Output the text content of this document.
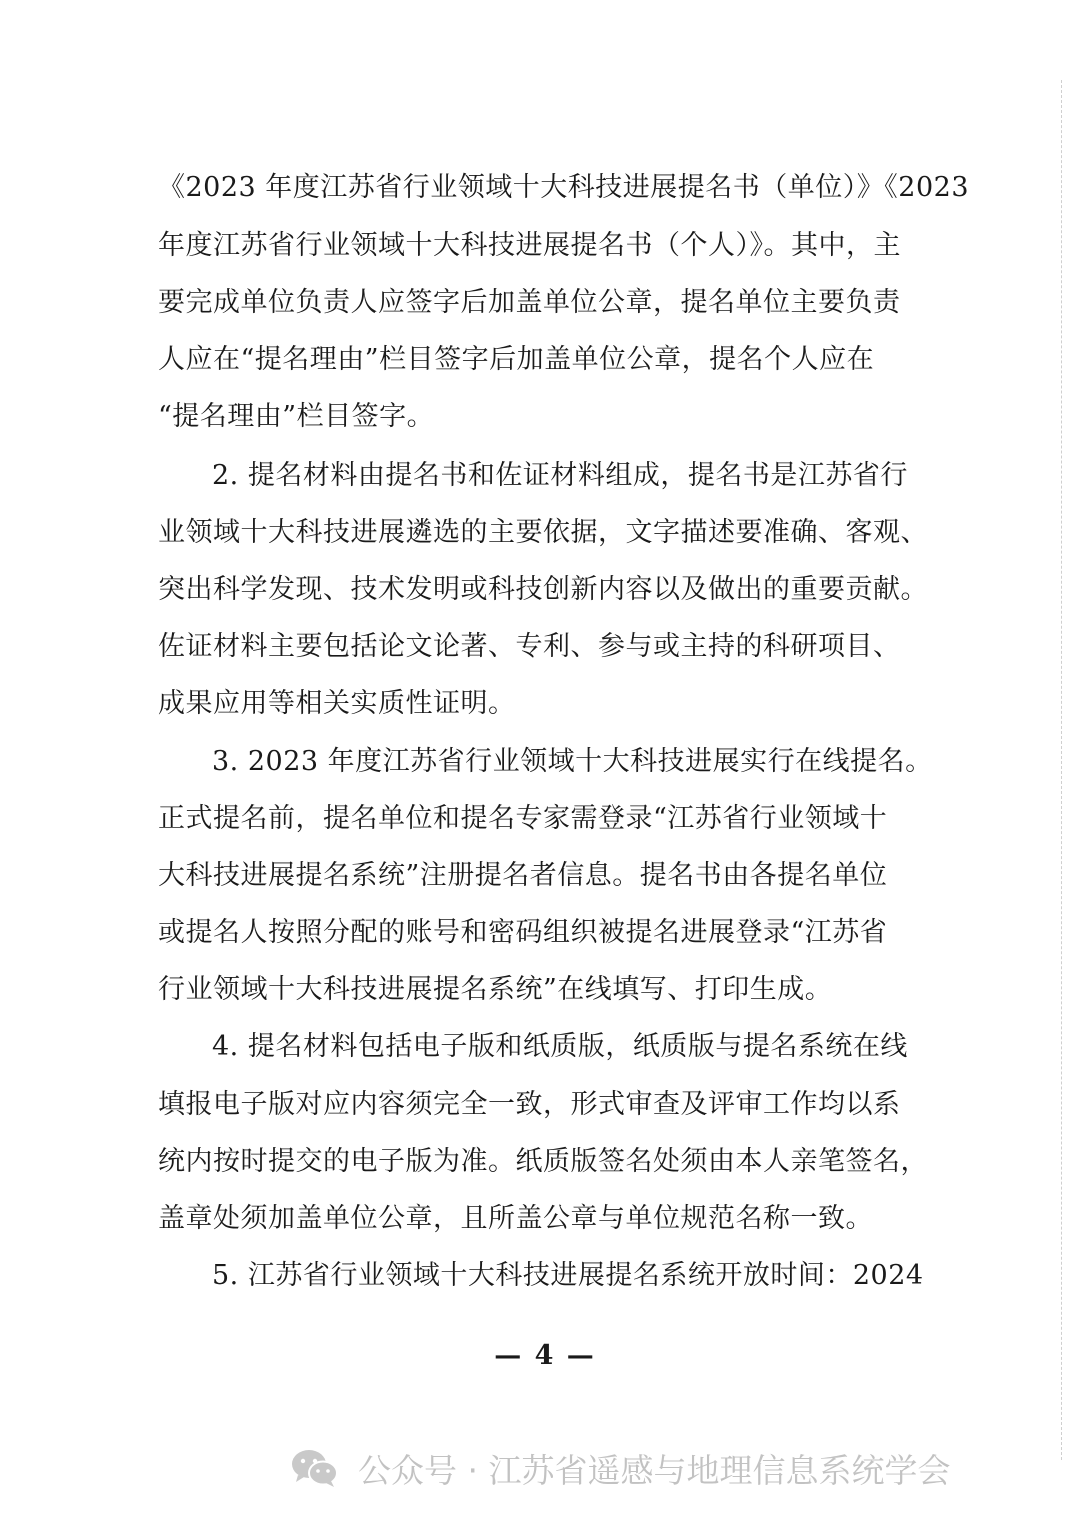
《2023 年度江苏省行业领域十大科技进展提名书（单位）》《2023
年度江苏省行业领域十大科技进展提名书（个人）》。其中，主
要完成单位负责人应签字后加盖单位公章，提名单位主要负责
人应在“提名理由”栏目签字后加盖单位公章，提名个人应在
“提名理由”栏目签字。
2. 提名材料由提名书和佐证材料组成，提名书是江苏省行
业领域十大科技进展遴选的主要依据，文字描述要准确、客观、
突出科学发现、技术发明或科技创新内容以及做出的重要贡献。
佐证材料主要包括论文论著、专利、参与或主持的科研项目、
成果应用等相关实质性证明。
3. 2023 年度江苏省行业领域十大科技进展实行在线提名。
正式提名前，提名单位和提名专家需登录“江苏省行业领域十
大科技进展提名系统”注册提名者信息。提名书由各提名单位
或提名人按照分配的账号和密码组织被提名进展登录“江苏省
行业领域十大科技进展提名系统”在线填写、打印生成。
4. 提名材料包括电子版和纸质版，纸质版与提名系统在线
填报电子版对应内容须完全一致，形式审查及评审工作均以系
统内按时提交的电子版为准。纸质版签名处须由本人亲笔签名，
盖章处须加盖单位公章，且所盖公章与单位规范名称一致。
5. 江苏省行业领域十大科技进展提名系统开放时间：2024
— 4 —
公众号 · 江苏省遥感与地理信息系统学会
